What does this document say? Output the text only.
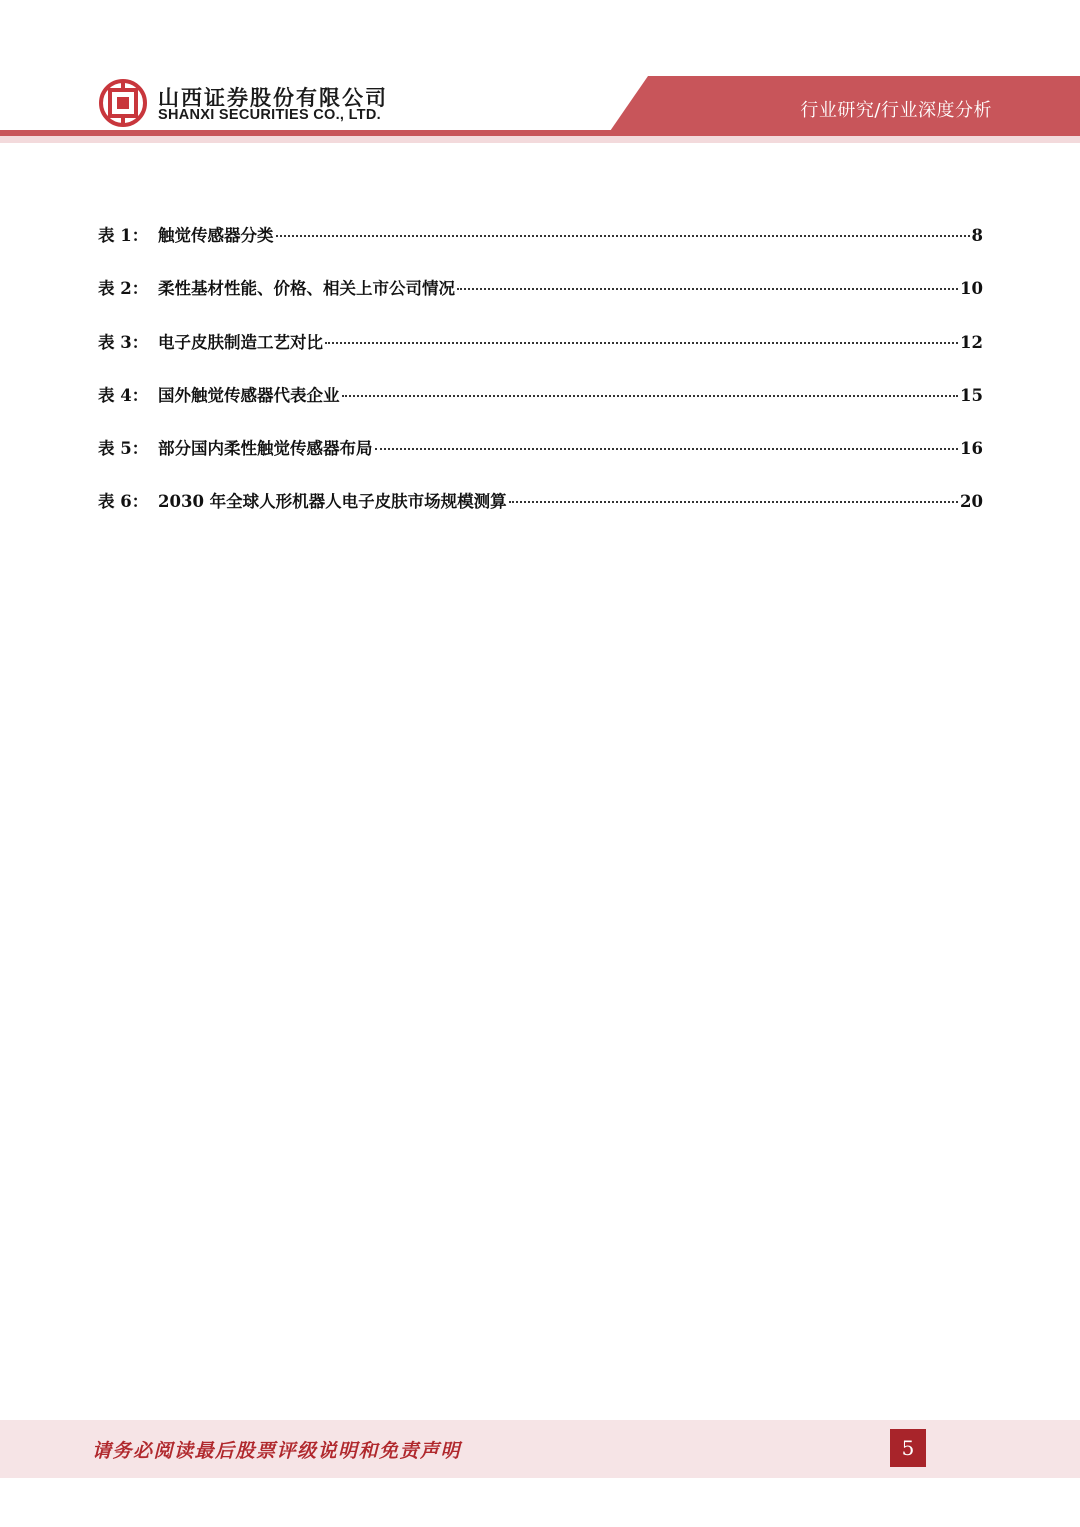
山西证券股份有限公司
SHANXI SECURITIES CO., LTD.	行业研究/行业深度分析
表 1： 触觉传感器分类	8
表 2： 柔性基材性能、价格、相关上市公司情况	10
表 3： 电子皮肤制造工艺对比	12
表 4： 国外触觉传感器代表企业	15
表 5： 部分国内柔性触觉传感器布局	16
表 6： 2030 年全球人形机器人电子皮肤市场规模测算	20
请务必阅读最后股票评级说明和免责声明	5
